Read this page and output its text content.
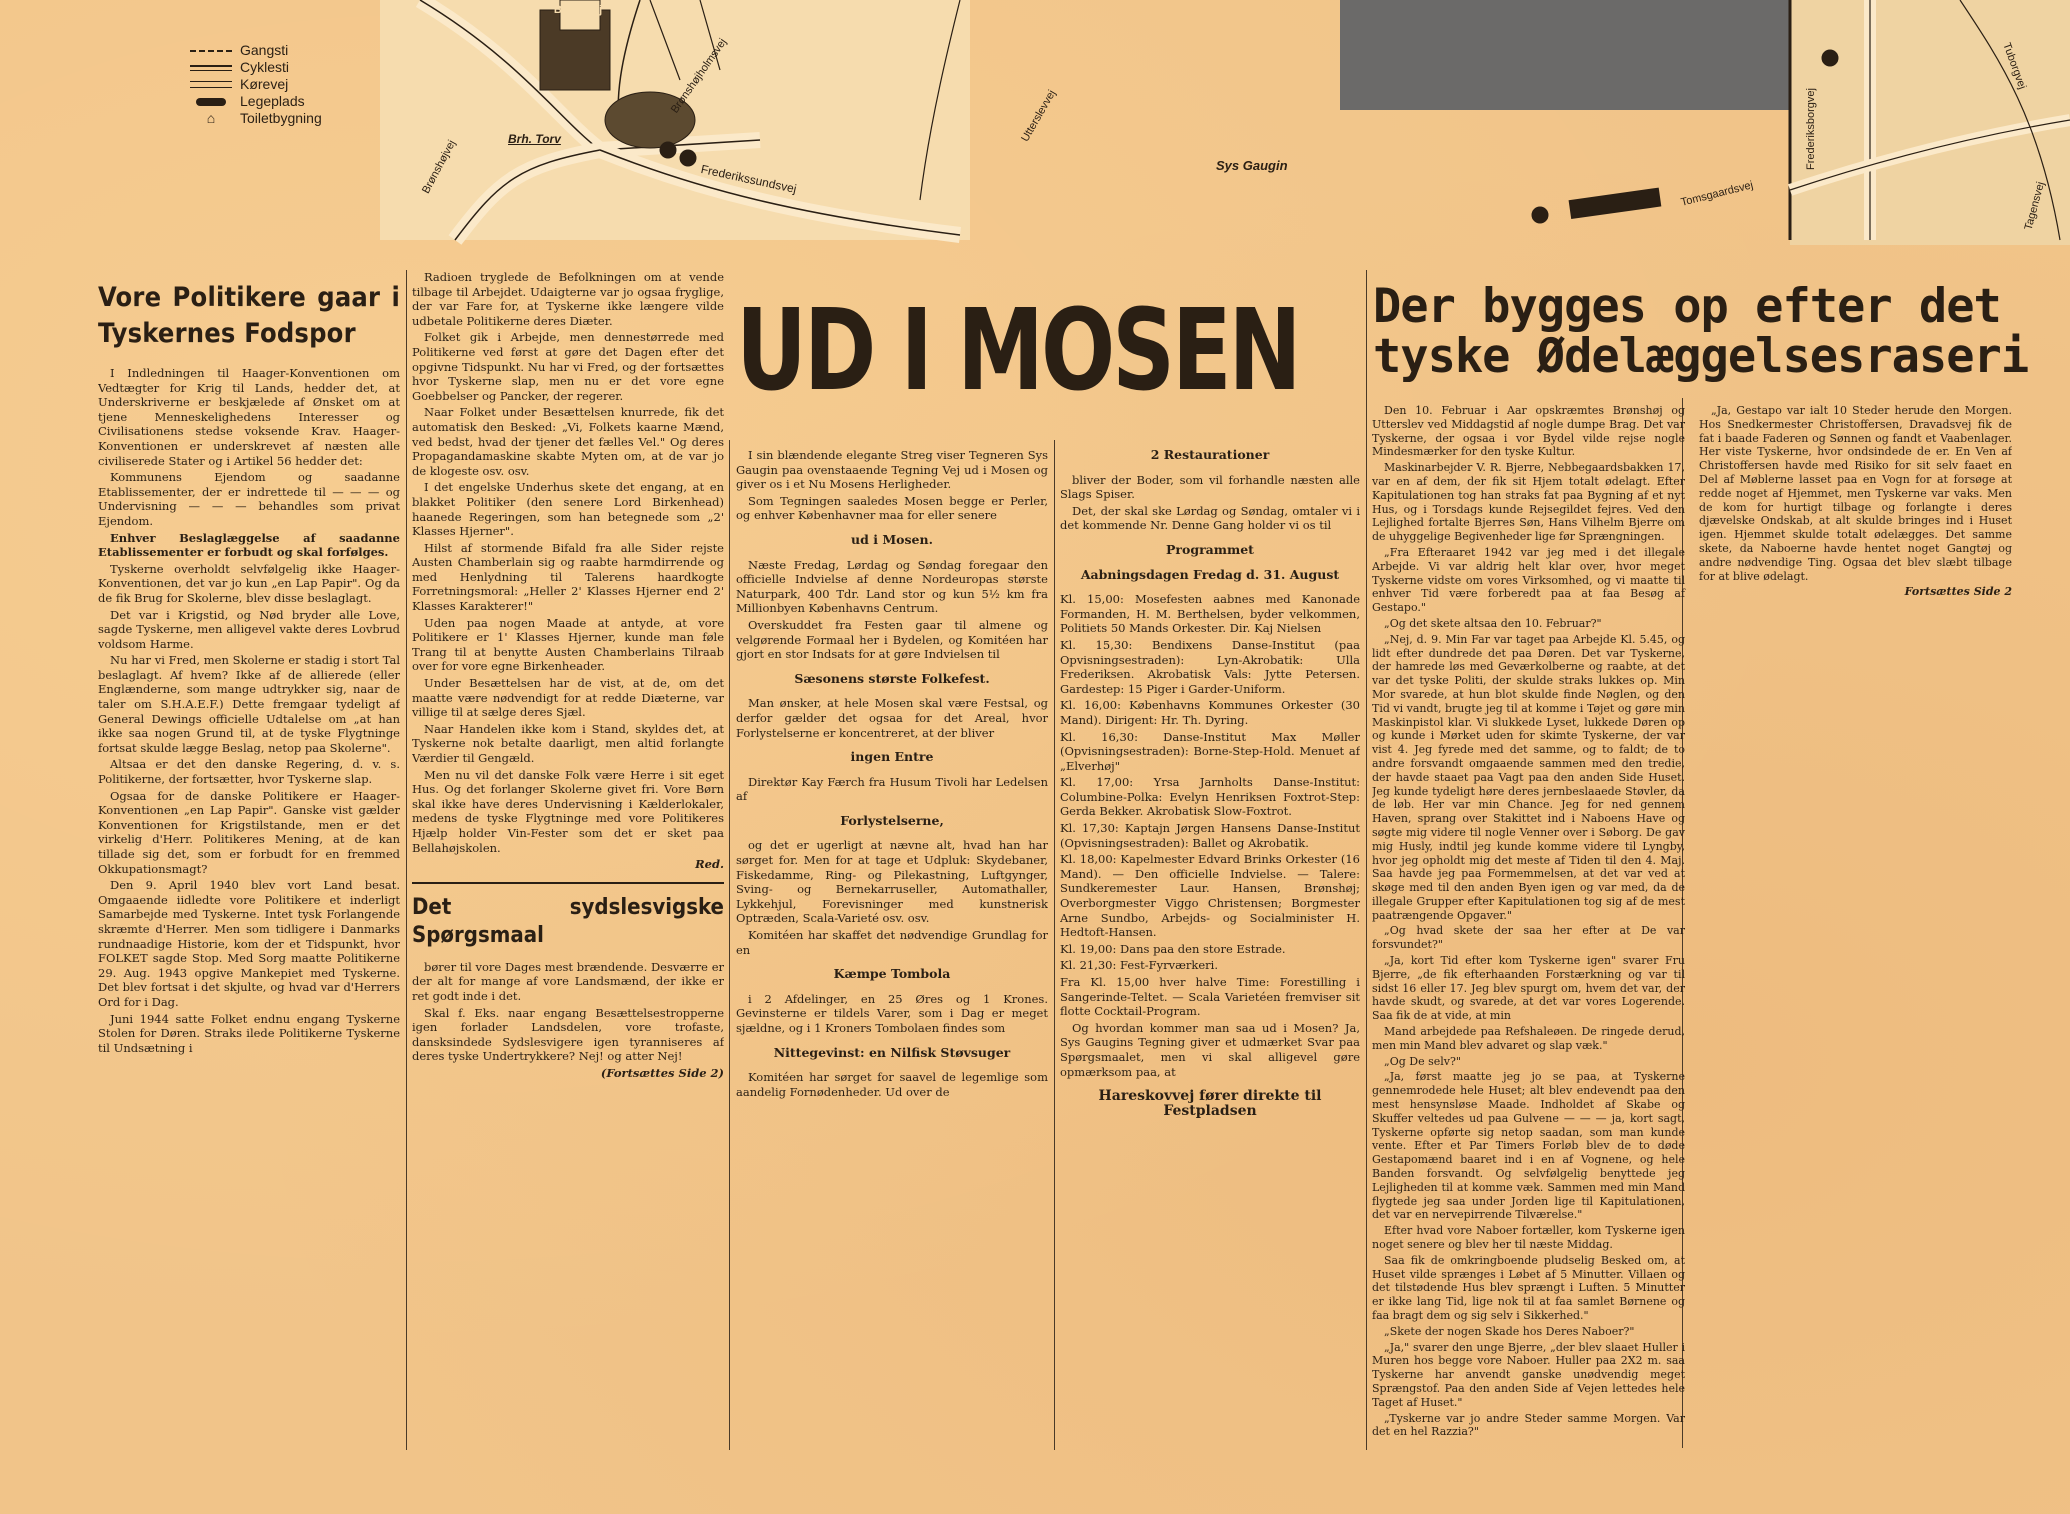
Gangsti
Cyklesti
Kørevej
Legeplads
⌂	Toiletbygning
Brønshøj Kirke
Brh. Torv
Brønshøjvej	Frederikssundsvej
Utterslevvej
Brønshøjholmsvej
Frederiksborgvej
Tomsgaardsvej
Tuborgvej
Tagensvej
Sys Gaugin
Vore Politikere gaar i Tyskernes Fodspor

I Indledningen til Haager-Konventionen om Vedtægter for Krig til Lands, hedder det, at Underskriverne er beskjælede af Ønsket om at tjene Menneskelighedens Interesser og Civilisationens stedse voksende Krav. Haager-Konventionen er underskrevet af næsten alle civiliserede Stater og i Artikel 56 hedder det:

Kommunens Ejendom og saadanne Etablissementer, der er indrettede til — — — og Undervisning — — — behandles som privat Ejendom.

Enhver Beslaglæggelse af saadanne Etablissementer er forbudt og skal forfølges.

Tyskerne overholdt selvfølgelig ikke Haager-Konventionen, det var jo kun „en Lap Papir". Og da de fik Brug for Skolerne, blev disse beslaglagt.

Det var i Krigstid, og Nød bryder alle Love, sagde Tyskerne, men alligevel vakte deres Lovbrud voldsom Harme.

Nu har vi Fred, men Skolerne er stadig i stort Tal beslaglagt. Af hvem? Ikke af de allierede (eller Englænderne, som mange udtrykker sig, naar de taler om S.H.A.E.F.) Dette fremgaar tydeligt af General Dewings officielle Udtalelse om „at han ikke saa nogen Grund til, at de tyske Flygtninge fortsat skulde lægge Beslag, netop paa Skolerne".

Altsaa er det den danske Regering, d. v. s. Politikerne, der fortsætter, hvor Tyskerne slap.

Ogsaa for de danske Politikere er Haager-Konventionen „en Lap Papir". Ganske vist gælder Konventionen for Krigstilstande, men er det virkelig d'Herr. Politikeres Mening, at de kan tillade sig det, som er forbudt for en fremmed Okkupationsmagt?

Den 9. April 1940 blev vort Land besat. Omgaaende iidledte vore Politikere et inderligt Samarbejde med Tyskerne. Intet tysk Forlangende skræmte d'Herrer. Men som tidligere i Danmarks rundnaadige Historie, kom der et Tidspunkt, hvor FOLKET sagde Stop. Med Sorg maatte Politikerne 29. Aug. 1943 opgive Mankepiet med Tyskerne. Det blev fortsat i det skjulte, og hvad var d'Herrers Ord for i Dag.

Juni 1944 satte Folket endnu engang Tyskerne Stolen for Døren. Straks ilede Politikerne Tyskerne til Undsætning i

Radioen tryglede de Befolkningen om at vende tilbage til Arbejdet. Udaigterne var jo ogsaa fryglige, der var Fare for, at Tyskerne ikke længere vilde udbetale Politikerne deres Diæter.

Folket gik i Arbejde, men dennestørrede med Politikerne ved først at gøre det Dagen efter det opgivne Tidspunkt. Nu har vi Fred, og der fortsættes hvor Tyskerne slap, men nu er det vore egne Goebbelser og Pancker, der regerer.

Naar Folket under Besættelsen knurrede, fik det automatisk den Besked: „Vi, Folkets kaarne Mænd, ved bedst, hvad der tjener det fælles Vel." Og deres Propagandamaskine skabte Myten om, at de var jo de klogeste osv. osv.

I det engelske Underhus skete det engang, at en blakket Politiker (den senere Lord Birkenhead) haanede Regeringen, som han betegnede som „2' Klasses Hjerner".

Hilst af stormende Bifald fra alle Sider rejste Austen Chamberlain sig og raabte harmdirrende og med Henlydning til Talerens haardkogte Forretningsmoral: „Heller 2' Klasses Hjerner end 2' Klasses Karakterer!"

Uden paa nogen Maade at antyde, at vore Politikere er 1' Klasses Hjerner, kunde man føle Trang til at benytte Austen Chamberlains Tilraab over for vore egne Birkenheader.

Under Besættelsen har de vist, at de, om det maatte være nødvendigt for at redde Diæterne, var villige til at sælge deres Sjæl.

Naar Handelen ikke kom i Stand, skyldes det, at Tyskerne nok betalte daarligt, men altid forlangte Værdier til Gengæld.

Men nu vil det danske Folk være Herre i sit eget Hus. Og det forlanger Skolerne givet fri. Vore Børn skal ikke have deres Undervisning i Kælderlokaler, medens de tyske Flygtninge med vore Politikeres Hjælp holder Vin-Fester som det er sket paa Bellahøjskolen.

Red.

Det sydslesvigske Spørgsmaal

bører til vore Dages mest brændende. Desværre er der alt for mange af vore Landsmænd, der ikke er ret godt inde i det.

Skal f. Eks. naar engang Besættelsestropperne igen forlader Landsdelen, vore trofaste, dansksindede Sydslesvigere igen tyranniseres af deres tyske Undertrykkere? Nej! og atter Nej!

(Fortsættes Side 2)

UD I MOSEN

I sin blændende elegante Streg viser Tegneren Sys Gaugin paa ovenstaaende Tegning Vej ud i Mosen og giver os i et Nu Mosens Herligheder.

Som Tegningen saaledes Mosen begge er Perler, og enhver Københavner maa for eller senere

ud i Mosen.

Næste Fredag, Lørdag og Søndag foregaar den officielle Indvielse af denne Nordeuropas største Naturpark, 400 Tdr. Land stor og kun 5½ km fra Millionbyen Københavns Centrum.

Overskuddet fra Festen gaar til almene og velgørende Formaal her i Bydelen, og Komitéen har gjort en stor Indsats for at gøre Indvielsen til

Sæsonens største Folkefest.

Man ønsker, at hele Mosen skal være Festsal, og derfor gælder det ogsaa for det Areal, hvor Forlystelserne er koncentreret, at der bliver

ingen Entre

Direktør Kay Færch fra Husum Tivoli har Ledelsen af

Forlystelserne,

og det er ugerligt at nævne alt, hvad han har sørget for. Men for at tage et Udpluk: Skydebaner, Fiskedamme, Ring- og Pilekastning, Luftgynger, Sving- og Bernekarruseller, Automathaller, Lykkehjul, Forevisninger med kunstnerisk Optræden, Scala-Varieté osv. osv.

Komitéen har skaffet det nødvendige Grundlag for en

Kæmpe Tombola

i 2 Afdelinger, en 25 Øres og 1 Krones. Gevinsterne er tildels Varer, som i Dag er meget sjældne, og i 1 Kroners Tombolaen findes som

Nittegevinst: en Nilfisk Støvsuger

Komitéen har sørget for saavel de legemlige som aandelig Fornødenheder. Ud over de

2 Restaurationer

bliver der Boder, som vil forhandle næsten alle Slags Spiser.

Det, der skal ske Lørdag og Søndag, omtaler vi i det kommende Nr. Denne Gang holder vi os til

Programmet

Aabningsdagen Fredag d. 31. August

Kl. 15,00: Mosefesten aabnes med Kanonade Formanden, H. M. Berthelsen, byder velkommen, Politiets 50 Mands Orkester. Dir. Kaj Nielsen

Kl. 15,30: Bendixens Danse-Institut (paa Opvisningsestraden): Lyn-Akrobatik: Ulla Frederiksen. Akrobatisk Vals: Jytte Petersen. Gardestep: 15 Piger i Garder-Uniform.

Kl. 16,00: Københavns Kommunes Orkester (30 Mand). Dirigent: Hr. Th. Dyring.

Kl. 16,30: Danse-Institut Max Møller (Opvisningsestraden): Borne-Step-Hold. Menuet af „Elverhøj"

Kl. 17,00: Yrsa Jarnholts Danse-Institut: Columbine-Polka: Evelyn Henriksen Foxtrot-Step: Gerda Bekker. Akrobatisk Slow-Foxtrot.

Kl. 17,30: Kaptajn Jørgen Hansens Danse-Institut (Opvisningsestraden): Ballet og Akrobatik.

Kl. 18,00: Kapelmester Edvard Brinks Orkester (16 Mand). — Den officielle Indvielse. — Talere: Sundkeremester Laur. Hansen, Brønshøj; Overborgmester Viggo Christensen; Borgmester Arne Sundbo, Arbejds- og Socialminister H. Hedtoft-Hansen.

Kl. 19,00: Dans paa den store Estrade.

Kl. 21,30: Fest-Fyrværkeri.

Fra Kl. 15,00 hver halve Time: Forestilling i Sangerinde-Teltet. — Scala Varietéen fremviser sit flotte Cocktail-Program.

Og hvordan kommer man saa ud i Mosen? Ja, Sys Gaugins Tegning giver et udmærket Svar paa Spørgsmaalet, men vi skal alligevel gøre opmærksom paa, at

Hareskovvej fører direkte til Festpladsen

Der bygges op efter det tyske Ødelæggelsesraseri

Den 10. Februar i Aar opskræmtes Brønshøj og Utterslev ved Middagstid af nogle dumpe Brag. Det var Tyskerne, der ogsaa i vor Bydel vilde rejse nogle Mindesmærker for den tyske Kultur.

Maskinarbejder V. R. Bjerre, Nebbegaardsbakken 17, var en af dem, der fik sit Hjem totalt ødelagt. Efter Kapitulationen tog han straks fat paa Bygning af et nyt Hus, og i Torsdags kunde Rejsegildet fejres. Ved den Lejlighed fortalte Bjerres Søn, Hans Vilhelm Bjerre om de uhyggelige Begivenheder lige før Sprængningen.

„Fra Efteraaret 1942 var jeg med i det illegale Arbejde. Vi var aldrig helt klar over, hvor meget Tyskerne vidste om vores Virksomhed, og vi maatte til enhver Tid være forberedt paa at faa Besøg af Gestapo."

„Og det skete altsaa den 10. Februar?"

„Nej, d. 9. Min Far var taget paa Arbejde Kl. 5.45, og lidt efter dundrede det paa Døren. Det var Tyskerne, der hamrede løs med Geværkolberne og raabte, at det var det tyske Politi, der skulde straks lukkes op. Min Mor svarede, at hun blot skulde finde Nøglen, og den Tid vi vandt, brugte jeg til at komme i Tøjet og gøre min Maskinpistol klar. Vi slukkede Lyset, lukkede Døren op og kunde i Mørket uden for skimte Tyskerne, der var vist 4. Jeg fyrede med det samme, og to faldt; de to andre forsvandt omgaaende sammen med den tredie, der havde staaet paa Vagt paa den anden Side Huset. Jeg kunde tydeligt høre deres jernbeslaaede Støvler, da de løb. Her var min Chance. Jeg for ned gennem Haven, sprang over Stakittet ind i Naboens Have og søgte mig videre til nogle Venner over i Søborg. De gav mig Husly, indtil jeg kunde komme videre til Lyngby, hvor jeg opholdt mig det meste af Tiden til den 4. Maj. Saa havde jeg paa Formemmelsen, at det var ved at skøge med til den anden Byen igen og var med, da de illegale Grupper efter Kapitulationen tog sig af de mest paatrængende Opgaver."

„Og hvad skete der saa her efter at De var forsvundet?"

„Ja, kort Tid efter kom Tyskerne igen" svarer Fru Bjerre, „de fik efterhaanden Forstærkning og var til sidst 16 eller 17. Jeg blev spurgt om, hvem det var, der havde skudt, og svarede, at det var vores Logerende. Saa fik de at vide, at min

Mand arbejdede paa Refshaleøen. De ringede derud, men min Mand blev advaret og slap væk."

„Og De selv?"

„Ja, først maatte jeg jo se paa, at Tyskerne gennemrodede hele Huset; alt blev endevendt paa den mest hensynsløse Maade. Indholdet af Skabe og Skuffer veltedes ud paa Gulvene — — — ja, kort sagt, Tyskerne opførte sig netop saadan, som man kunde vente. Efter et Par Timers Forløb blev de to døde Gestapomænd baaret ind i en af Vognene, og hele Banden forsvandt. Og selvfølgelig benyttede jeg Lejligheden til at komme væk. Sammen med min Mand flygtede jeg saa under Jorden lige til Kapitulationen, det var en nervepirrende Tilværelse."

Efter hvad vore Naboer fortæller, kom Tyskerne igen noget senere og blev her til næste Middag.

Saa fik de omkringboende pludselig Besked om, at Huset vilde sprænges i Løbet af 5 Minutter. Villaen og det tilstødende Hus blev sprængt i Luften. 5 Minutter er ikke lang Tid, lige nok til at faa samlet Børnene og faa bragt dem og sig selv i Sikkerhed."

„Skete der nogen Skade hos Deres Naboer?"

„Ja," svarer den unge Bjerre, „der blev slaaet Huller i Muren hos begge vore Naboer. Huller paa 2X2 m. saa Tyskerne har anvendt ganske unødvendig meget Sprængstof. Paa den anden Side af Vejen lettedes hele Taget af Huset."

„Tyskerne var jo andre Steder samme Morgen. Var det en hel Razzia?"

„Ja, Gestapo var ialt 10 Steder herude den Morgen. Hos Snedkermester Christoffersen, Dravadsvej fik de fat i baade Faderen og Sønnen og fandt et Vaabenlager. Her viste Tyskerne, hvor ondsindede de er. En Ven af Christoffersen havde med Risiko for sit selv faaet en Del af Møblerne lasset paa en Vogn for at forsøge at redde noget af Hjemmet, men Tyskerne var vaks. Men de kom for hurtigt tilbage og forlangte i deres djævelske Ondskab, at alt skulde bringes ind i Huset igen. Hjemmet skulde totalt ødelægges. Det samme skete, da Naboerne havde hentet noget Gangtøj og andre nødvendige Ting. Ogsaa det blev slæbt tilbage for at blive ødelagt.

Fortsættes Side 2
